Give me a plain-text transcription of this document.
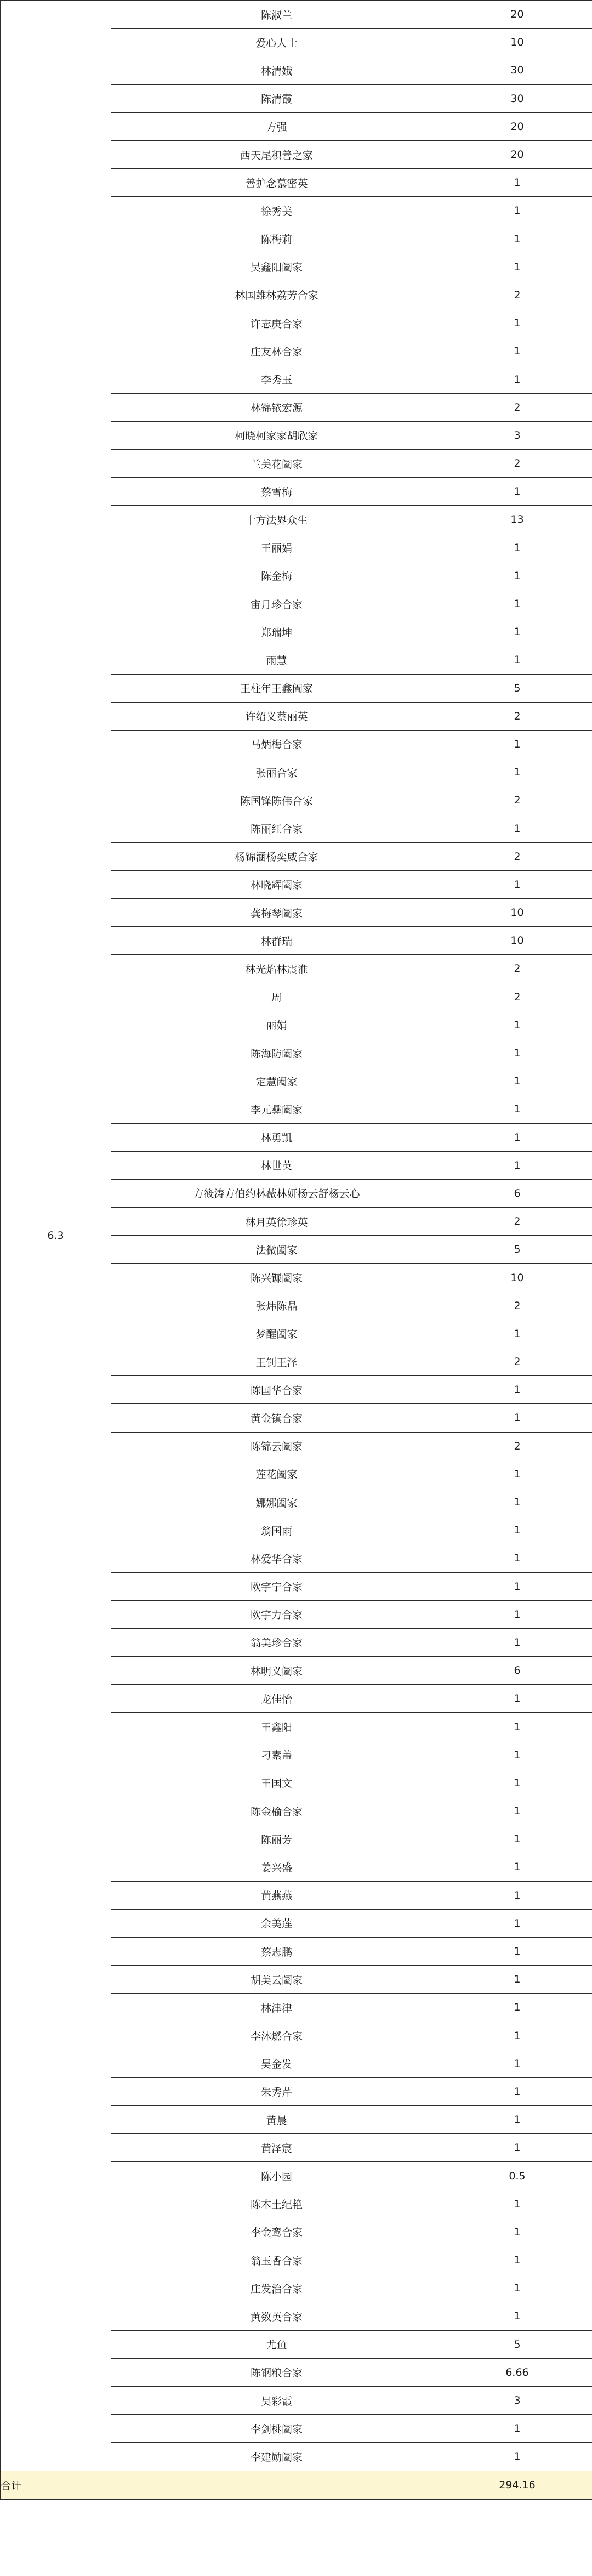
6.3	陈淑兰	20
	爱心人士	10
	林清娥	30
	陈清霞	30
	方强	20
	西天尾积善之家	20
	善护念慕密英	1
	徐秀美	1
	陈梅莉	1
	吴鑫阳阖家	1
	林国雄林荔芳合家	2
	许志庚合家	1
	庄友林合家	1
	李秀玉	1
	林锦铱宏源	2
	柯晓柯家家胡欣家	3
	兰美花阖家	2
	蔡雪梅	1
	十方法界众生	13
	王丽娟	1
	陈金梅	1
	宙月珍合家	1
	郑瑞坤	1
	雨慧	1
	王柱年王鑫阖家	5
	许绍义蔡丽英	2
	马炳梅合家	1
	张丽合家	1
	陈国锋陈伟合家	2
	陈丽红合家	1
	杨锦涵杨奕威合家	2
	林晓辉阖家	1
	龚梅琴阖家	10
	林群瑞	10
	林光焰林震淮	2
	周	2
	丽娟	1
	陈海防阖家	1
	定慧阖家	1
	李元彝阖家	1
	林勇凯	1
	林世英	1
	方筱涛方伯约林薇林妍杨云舒杨云心	6
	林月英徐珍英	2
	法微阖家	5
	陈兴镰阖家	10
	张炜陈晶	2
	梦醒阖家	1
	王钊王泽	2
	陈国华合家	1
	黄金镇合家	1
	陈锦云阖家	2
	莲花阖家	1
	娜娜阖家	1
	翁国雨	1
	林爱华合家	1
	欧宇宁合家	1
	欧宇力合家	1
	翁美珍合家	1
	林明义阖家	6
	龙佳怡	1
	王鑫阳	1
	刁素盖	1
	王国文	1
	陈金榆合家	1
	陈丽芳	1
	姜兴盛	1
	黄燕燕	1
	余美莲	1
	蔡志鹏	1
	胡美云阖家	1
	林津津	1
	李沐燃合家	1
	吴金发	1
	朱秀芹	1
	黄晨	1
	黄泽宸	1
	陈小园	0.5
	陈木土纪艳	1
	李金鸾合家	1
	翁玉香合家	1
	庄发治合家	1
	黄数英合家	1
	尤鱼	5
	陈钢粮合家	6.66
	吴彩霞	3
	李剑桃阖家	1
	李建勋阖家	1
合计		294.16
